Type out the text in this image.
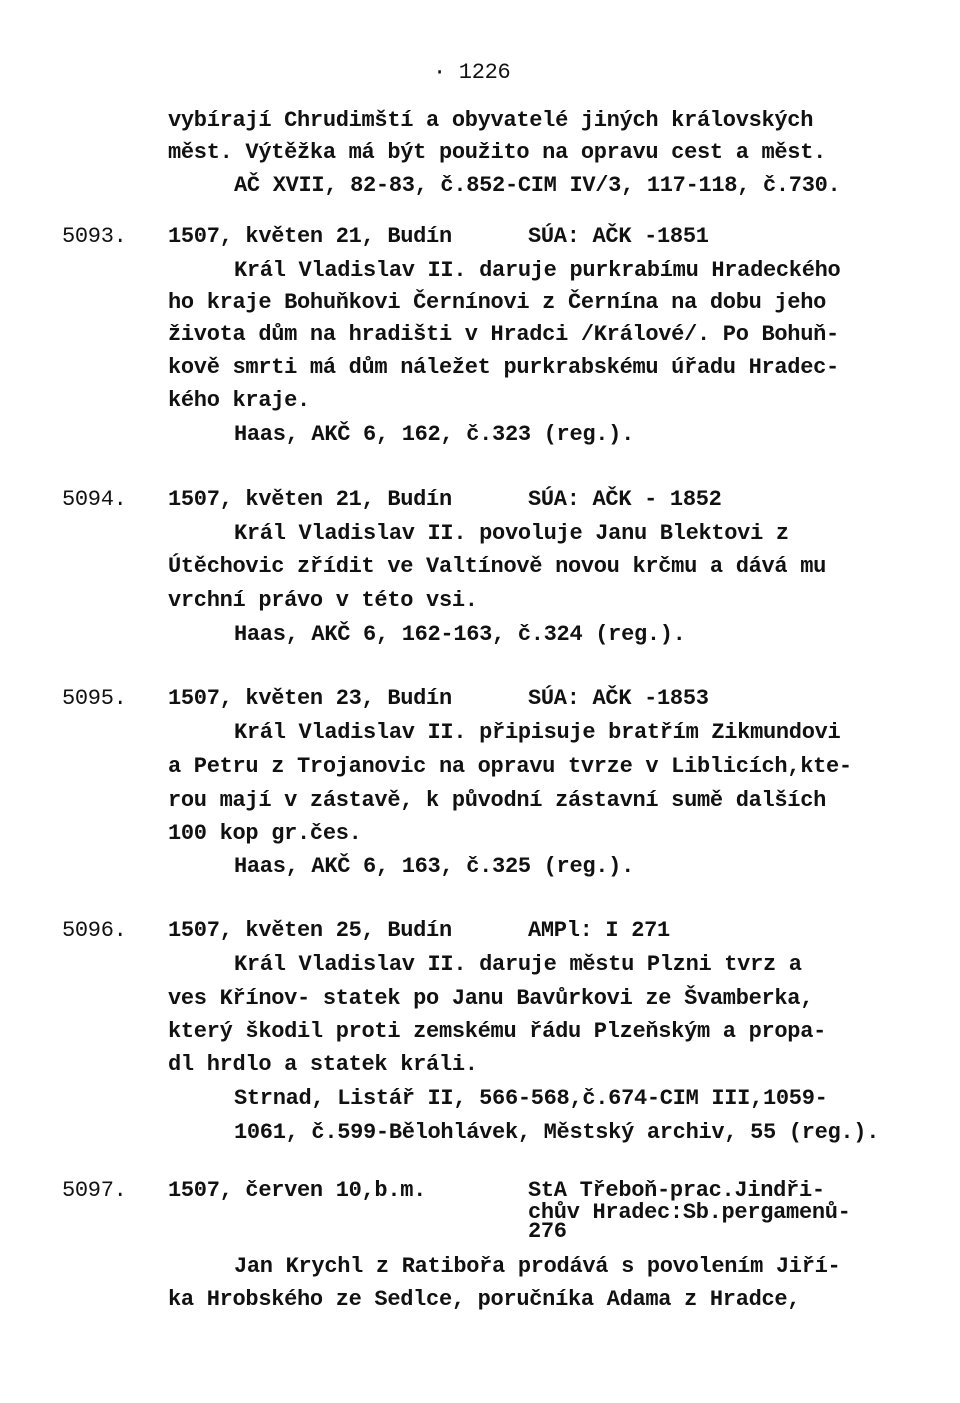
· 1226
vybírají Chrudimští a obyvatelé jiných královských
měst. Výtěžka má být použito na opravu cest a měst.
AČ XVII, 82-83, č.852-CIM IV/3, 117-118, č.730.
5093. 1507, květen 21, Budín	SÚA: AČK -1851
Král Vladislav II. daruje purkrabímu Hradeckého
ho kraje Bohuňkovi Černínovi z Černína na dobu jeho
života dům na hradišti v Hradci /Králové/. Po Bohuň-
kově smrti má dům náležet purkrabskému úřadu Hradec-
kého kraje.
Haas, AKČ 6, 162, č.323 (reg.).
5094. 1507, květen 21, Budín	SÚA: AČK - 1852
Král Vladislav II. povoluje Janu Blektovi z
Útěchovic zřídit ve Valtínově novou krčmu a dává mu
vrchní právo v této vsi.
Haas, AKČ 6, 162-163, č.324 (reg.).
5095. 1507, květen 23, Budín	SÚA: AČK -1853
Král Vladislav II. připisuje bratřím Zikmundovi
a Petru z Trojanovic na opravu tvrze v Liblicích,kte-
rou mají v zástavě, k původní zástavní sumě dalších
100 kop gr.čes.
Haas, AKČ 6, 163, č.325 (reg.).
5096. 1507, květen 25, Budín	AMPl: I 271
Král Vladislav II. daruje městu Plzni tvrz a
ves Křínov- statek po Janu Bavůrkovi ze Švamberka,
který škodil proti zemskému řádu Plzeňským a propa-
dl hrdlo a statek králi.
Strnad, Listář II, 566-568,č.674-CIM III,1059-
1061, č.599-Bělohlávek, Městský archiv, 55 (reg.).
5097. 1507, červen 10,b.m.	StA Třeboň-prac.Jindři-
chův Hradec:Sb.pergamenů-
276
Jan Krychl z Ratibořa prodává s povolením Jiří-
ka Hrobského ze Sedlce, poručníka Adama z Hradce,
